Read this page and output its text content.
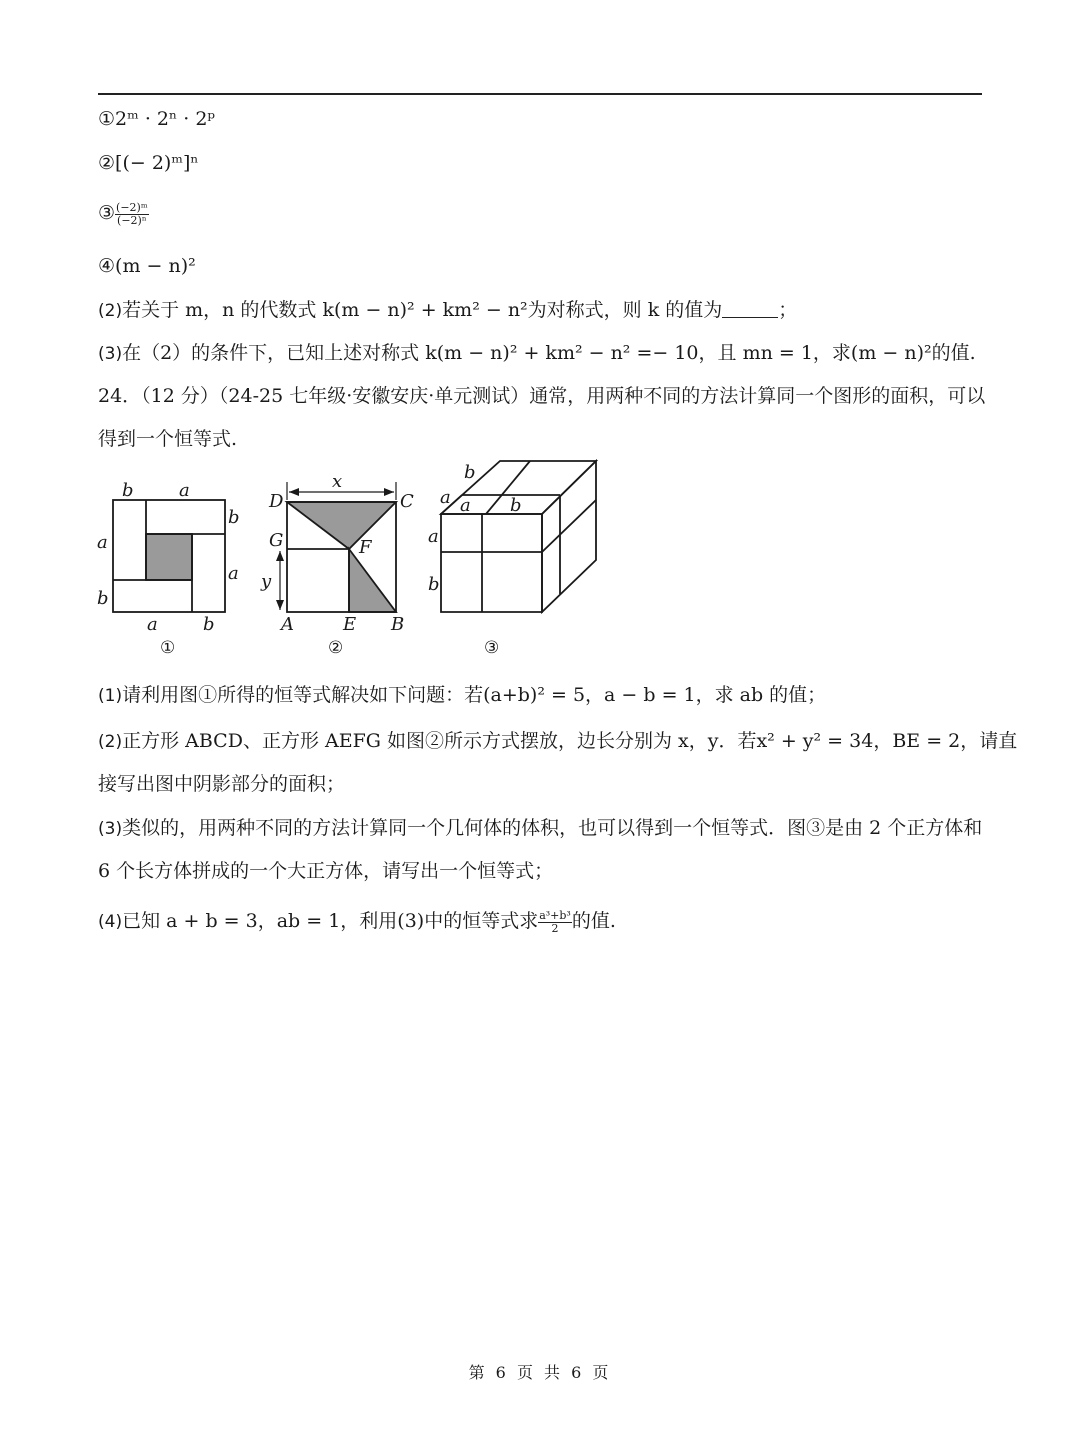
①2ᵐ · 2ⁿ · 2ᵖ
②[(− 2)ᵐ]ⁿ
③ $\frac{\text{(−2)ᵐ}}{\text{(−2)ⁿ}}$
④(m − n)²
(2)若关于 m，n 的代数式 k(m − n)² + km² − n²为对称式，则 k 的值为	；
(3)在（2）的条件下，已知上述对称式 k(m − n)² + km² − n² =− 10，且 mn = 1，求(m − n)²的值.
24．（12 分）（24-25 七年级·安徽安庆·单元测试）通常，用两种不同的方法计算同一个图形的面积，可以
得到一个恒等式.
b	a
b
a
a
b
a	b
①
x
D	C
G	F
y
A	E B
②
b
a a b
a
b
③
(1)请利用图①所得的恒等式解决如下问题：若(a+b)² = 5，a − b = 1，求 ab 的值；
(2)正方形 ABCD、正方形 AEFG 如图②所示方式摆放，边长分别为 x，y．若x² + y² = 34，BE = 2，请直
接写出图中阴影部分的面积；
(3)类似的，用两种不同的方法计算同一个几何体的体积，也可以得到一个恒等式．图③是由 2 个正方体和
6 个长方体拼成的一个大正方体，请写出一个恒等式；
(4)已知 a + b = 3，ab = 1，利用(3)中的恒等式求 $\frac{\text{a³+b³}}{2}$ 的值.
第 6 页 共 6 页
